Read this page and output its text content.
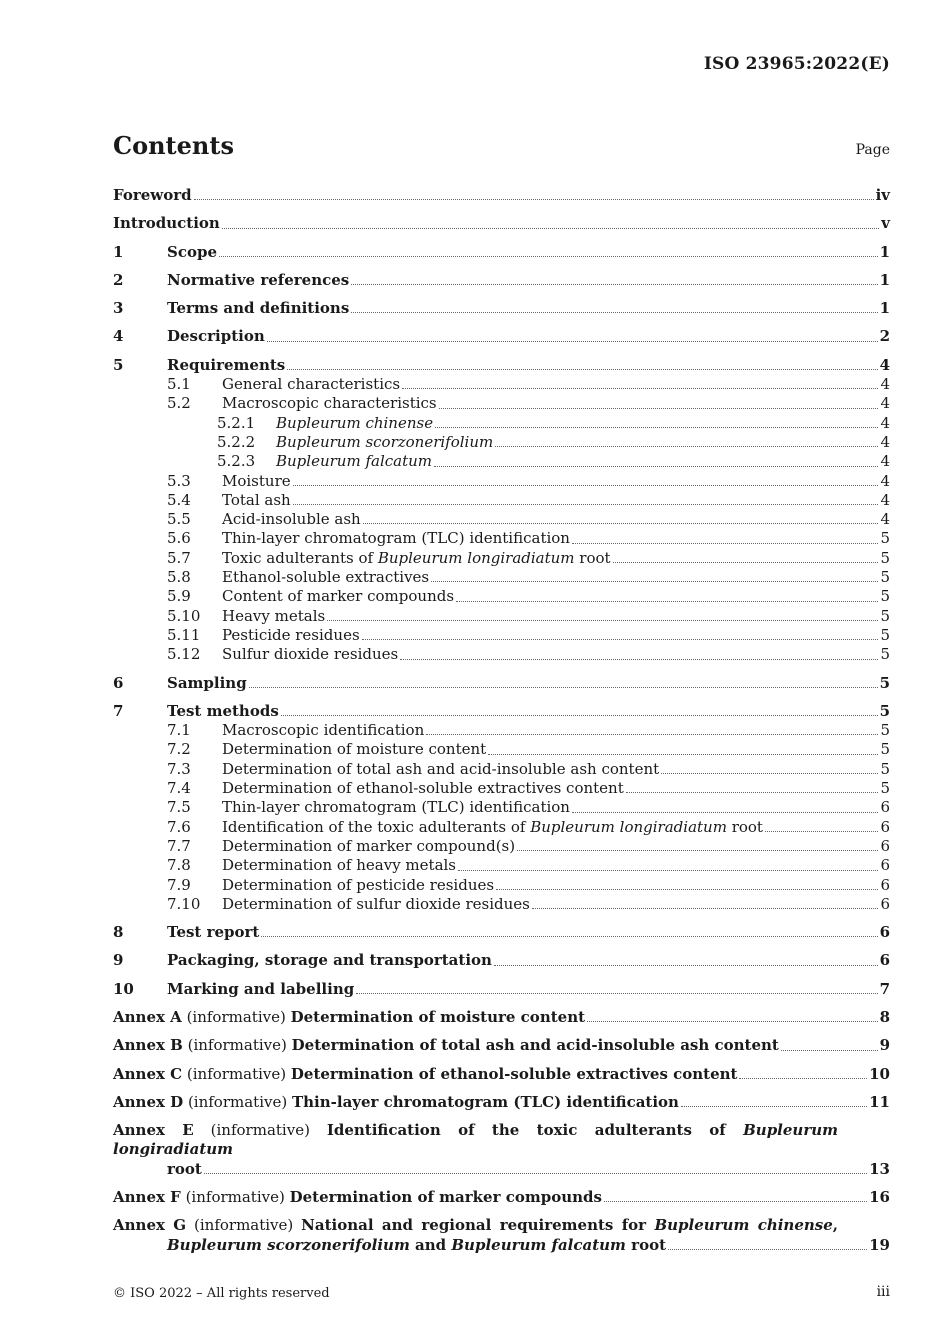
ISO 23965:2022(E)
Contents	Page
Foreword	iv
Introduction	v
1	Scope	1
2	Normative references	1
3	Terms and definitions	1
4	Description	2
5	Requirements	4
5.1	General characteristics	4
5.2	Macroscopic characteristics	4
5.2.1	Bupleurum chinense	4
5.2.2	Bupleurum scorzonerifolium	4
5.2.3	Bupleurum falcatum	4
5.3	Moisture	4
5.4	Total ash	4
5.5	Acid-insoluble ash	4
5.6	Thin-layer chromatogram (TLC) identification	5
5.7	Toxic adulterants of Bupleurum longiradiatum root	5
5.8	Ethanol-soluble extractives	5
5.9	Content of marker compounds	5
5.10	Heavy metals	5
5.11	Pesticide residues	5
5.12	Sulfur dioxide residues	5
6	Sampling	5
7	Test methods	5
7.1	Macroscopic identification	5
7.2	Determination of moisture content	5
7.3	Determination of total ash and acid-insoluble ash content	5
7.4	Determination of ethanol-soluble extractives content	5
7.5	Thin-layer chromatogram (TLC) identification	6
7.6	Identification of the toxic adulterants of Bupleurum longiradiatum root	6
7.7	Determination of marker compound(s)	6
7.8	Determination of heavy metals	6
7.9	Determination of pesticide residues	6
7.10	Determination of sulfur dioxide residues	6
8	Test report	6
9	Packaging, storage and transportation	6
10	Marking and labelling	7
Annex A (informative) Determination of moisture content	8
Annex B (informative) Determination of total ash and acid-insoluble ash content	9
Annex C (informative) Determination of ethanol-soluble extractives content	10
Annex D (informative) Thin-layer chromatogram (TLC) identification	11
Annex E (informative) Identification of the toxic adulterants of Bupleurum longiradiatum
root	13
Annex F (informative) Determination of marker compounds	16
Annex G (informative) National and regional requirements for Bupleurum chinense,
Bupleurum scorzonerifolium and Bupleurum falcatum root	19
© ISO 2022 – All rights reserved	iii
